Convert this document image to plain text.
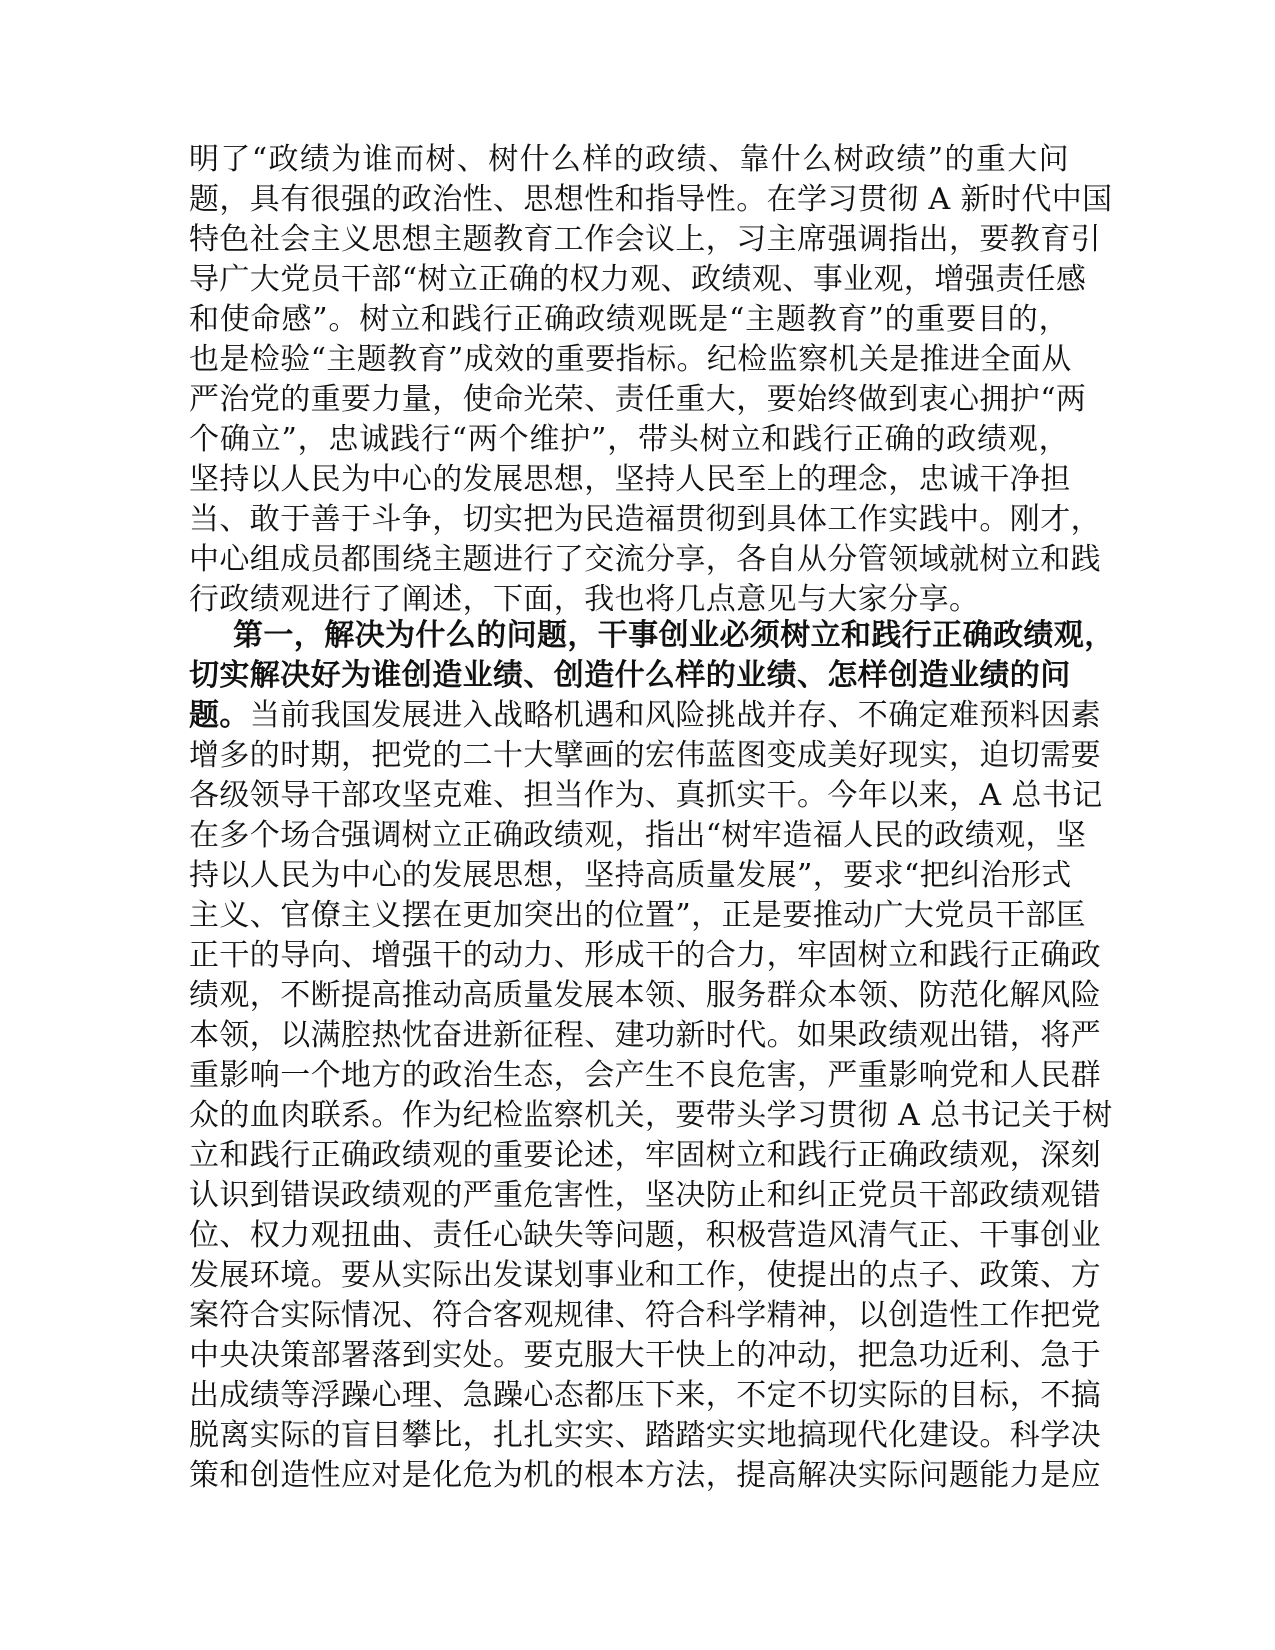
明了“政绩为谁而树、树什么样的政绩、靠什么树政绩”的重大问
题，具有很强的政治性、思想性和指导性。在学习贯彻 A 新时代中国
特色社会主义思想主题教育工作会议上，习主席强调指出，要教育引
导广大党员干部“树立正确的权力观、政绩观、事业观，增强责任感
和使命感”。树立和践行正确政绩观既是“主题教育”的重要目的，
也是检验“主题教育”成效的重要指标。纪检监察机关是推进全面从
严治党的重要力量，使命光荣、责任重大，要始终做到衷心拥护“两
个确立”，忠诚践行“两个维护”，带头树立和践行正确的政绩观，
坚持以人民为中心的发展思想，坚持人民至上的理念，忠诚干净担
当、敢于善于斗争，切实把为民造福贯彻到具体工作实践中。刚才，
中心组成员都围绕主题进行了交流分享，各自从分管领域就树立和践
行政绩观进行了阐述，下面，我也将几点意见与大家分享。
第一，解决为什么的问题，干事创业必须树立和践行正确政绩观，
切实解决好为谁创造业绩、创造什么样的业绩、怎样创造业绩的问
题。当前我国发展进入战略机遇和风险挑战并存、不确定难预料因素
增多的时期，把党的二十大擘画的宏伟蓝图变成美好现实，迫切需要
各级领导干部攻坚克难、担当作为、真抓实干。今年以来，A 总书记
在多个场合强调树立正确政绩观，指出“树牢造福人民的政绩观，坚
持以人民为中心的发展思想，坚持高质量发展”，要求“把纠治形式
主义、官僚主义摆在更加突出的位置”，正是要推动广大党员干部匡
正干的导向、增强干的动力、形成干的合力，牢固树立和践行正确政
绩观，不断提高推动高质量发展本领、服务群众本领、防范化解风险
本领，以满腔热忱奋进新征程、建功新时代。如果政绩观出错，将严
重影响一个地方的政治生态，会产生不良危害，严重影响党和人民群
众的血肉联系。作为纪检监察机关，要带头学习贯彻 A 总书记关于树
立和践行正确政绩观的重要论述，牢固树立和践行正确政绩观，深刻
认识到错误政绩观的严重危害性，坚决防止和纠正党员干部政绩观错
位、权力观扭曲、责任心缺失等问题，积极营造风清气正、干事创业
发展环境。要从实际出发谋划事业和工作，使提出的点子、政策、方
案符合实际情况、符合客观规律、符合科学精神，以创造性工作把党
中央决策部署落到实处。要克服大干快上的冲动，把急功近利、急于
出成绩等浮躁心理、急躁心态都压下来，不定不切实际的目标，不搞
脱离实际的盲目攀比，扎扎实实、踏踏实实地搞现代化建设。科学决
策和创造性应对是化危为机的根本方法，提高解决实际问题能力是应
